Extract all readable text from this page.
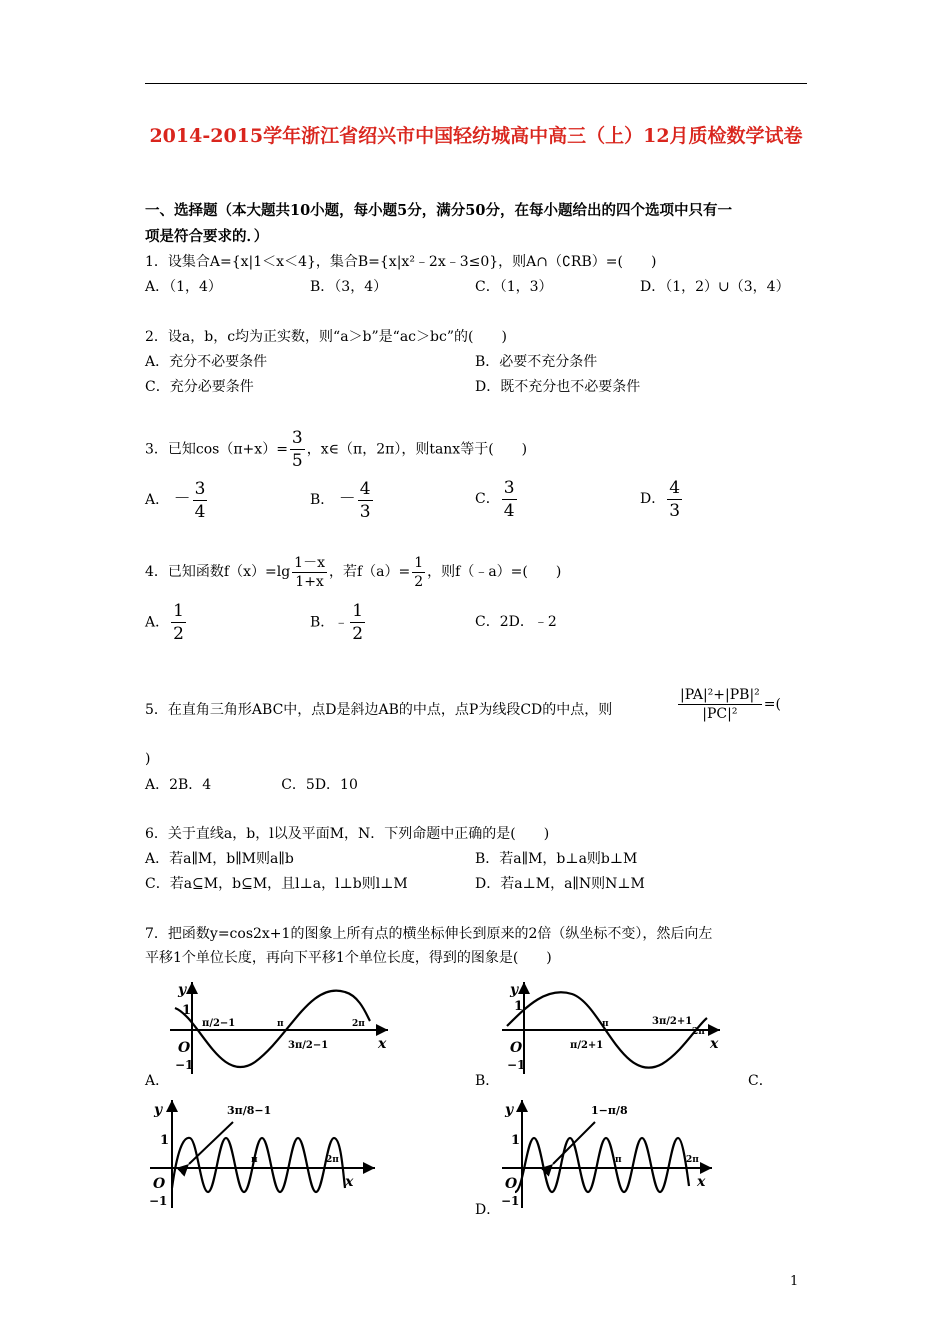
2014-2015学年浙江省绍兴市中国轻纺城高中高三（上）12月质检数学试卷
一、选择题（本大题共10小题，每小题5分，满分50分，在每小题给出的四个选项中只有一
项是符合要求的．）
1．设集合A={x|1＜x＜4}，集合B={x|x²﹣2x﹣3≤0}，则A∩（∁RB）=(　　)
A．（1，4）	B．（3，4）	C．（1，3）	D．（1，2）∪（3，4）
2．设a，b，c均为正实数，则“a＞b”是“ac＞bc”的(　　)
A．充分不必要条件	B．必要不充分条件
C．充分必要条件	D．既不充分也不必要条件
3．已知$\cos(\pi+x)= \frac{3}{5}$ ，x∈（π，2π），则tanx等于(　　)
A． － $\frac{3}{4}$	B． － $\frac{4}{3}$	C． $\frac{3}{4}$	D． $\frac{4}{3}$
4．已知函数$f(x)=\lg \frac{1-x}{1+x}$ ，若$f(a)= \frac{1}{2}$ ，则f（﹣a）=(　　)
A． $\frac{1}{2}$	B．﹣ $\frac{1}{2}$	C．2D．﹣2
5．在直角三角形ABC中，点D是斜边AB的中点，点P为线段CD的中点，则	$\frac{\text{|PA|²+|PB|²}}{\text{|PC|²}}$ =(
)
A．2B．4　　　　　C．5D．10
6．关于直线a，b，l以及平面M，N．下列命题中正确的是(　　)
A．若a∥M，b∥M则a∥b	B．若a∥M，b⊥a则b⊥M
C．若a⊆M，b⊆M，且l⊥a，l⊥b则l⊥M	D．若a⊥M，a∥N则N⊥M
7．把函数y=cos2x+1的图象上所有点的横坐标伸长到原来的2倍（纵坐标不变），然后向左
平移1个单位长度，再向下平移1个单位长度，得到的图象是(　　)
y
1
O
−1
x
π/2−1	π
3π/2−1
2π
A．
y
1
O
−1
x
π
π/2+1
3π/2+1
2π
B．	C．
y
1
O
−1
x
3π/8−1
π	2π
y
1
O
−1
x
1−π/8
π	2π
D．
1
